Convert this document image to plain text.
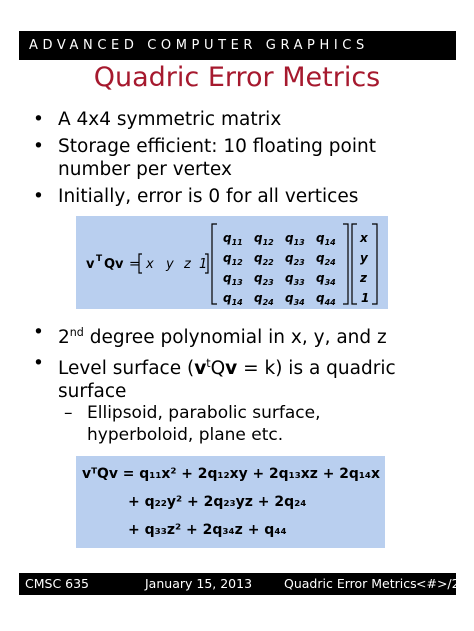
ADVANCED COMPUTER GRAPHICS
Quadric Error Metrics
• A 4x4 symmetric matrix
• Storage efficient: 10 floating point
number per vertex
• Initially, error is 0 for all vertices
v T Qv = x y z 1
$q_{11}$ $q_{12}$ $q_{13}$ $q_{14}$
$q_{12}$ $q_{22}$ $q_{23}$ $q_{24}$
$q_{13}$ $q_{23}$ $q_{33}$ $q_{34}$
$q_{14}$ $q_{24}$ $q_{34}$ $q_{44}$
x
y
z
1
• 2nd degree polynomial in x, y, and z
• Level surface $(v^tQv = k)$ is a quadric
surface
– Ellipsoid, parabolic surface,
hyperboloid, plane etc.
vᵀQv = q₁₁x² + 2q₁₂xy + 2q₁₃xz + 2q₁₄x
+ q₂₂y² + 2q₂₃yz + 2q₂₄
+ q₃₃z² + 2q₃₄z + q₄₄
CMSC 635	January 15, 2013	Quadric Error Metrics <#>/20
